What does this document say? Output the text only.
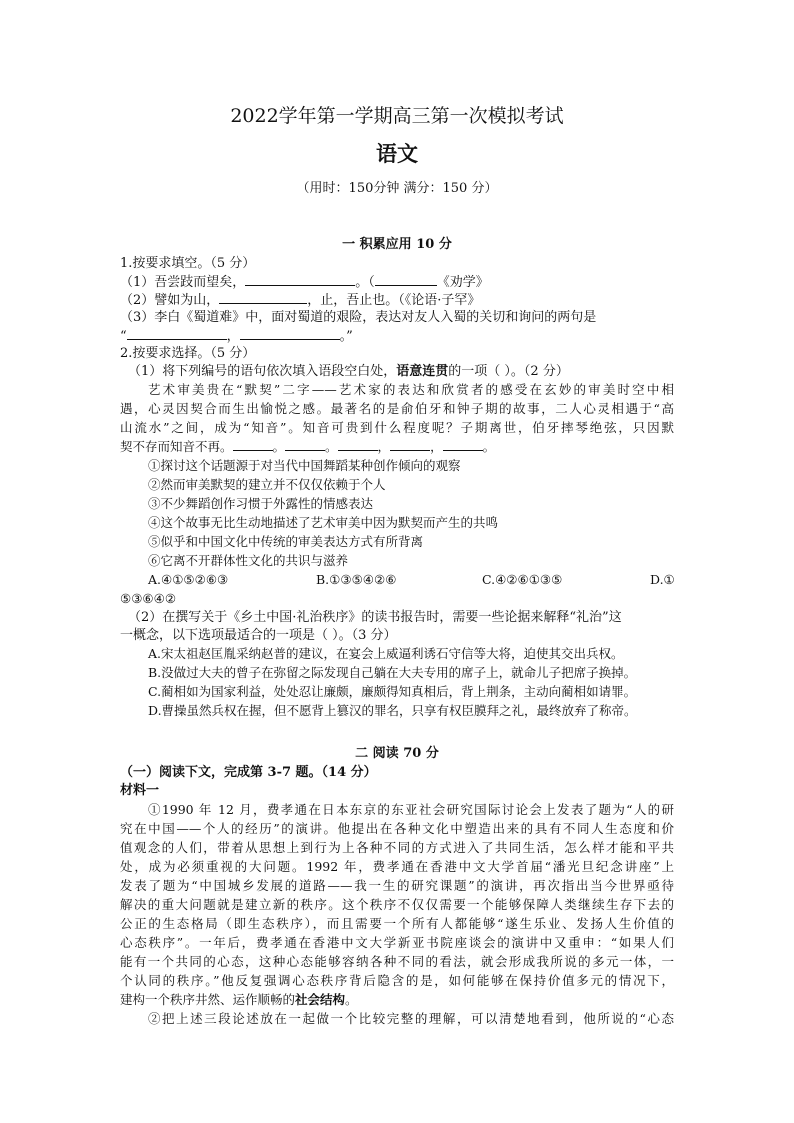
2022学年第一学期高三第一次模拟考试
语文
（用时：150分钟 满分：150 分）
一 积累应用 10 分
1.按要求填空。（5 分）
（1）吾尝跂而望矣，	。（	《劝学》
（2）譬如为山，	，止，吾止也。（《论语·子罕》
（3）李白《蜀道难》中，面对蜀道的艰险，表达对友人入蜀的关切和询问的两句是
“	，	。”
2.按要求选择。（5 分）
（1）将下列编号的语句依次填入语段空白处，语意连贯的一项（ ）。（2 分）
艺术审美贵在“默契”二字——艺术家的表达和欣赏者的感受在玄妙的审美时空中相
遇，心灵因契合而生出愉悦之感。最著名的是俞伯牙和钟子期的故事，二人心灵相遇于“高
山流水”之间，成为“知音”。知音可贵到什么程度呢？子期离世，伯牙摔琴绝弦，只因默
契不存而知音不再。	。	。	，	，	。
①探讨这个话题源于对当代中国舞蹈某种创作倾向的观察
②然而审美默契的建立并不仅仅依赖于个人
③不少舞蹈创作习惯于外露性的情感表达
④这个故事无比生动地描述了艺术审美中因为默契而产生的共鸣
⑤似乎和中国文化中传统的审美表达方式有所背离
⑥它离不开群体性文化的共识与滋养
A.④①⑤②⑥③	B.①③⑤④②⑥	C.④②⑥①③⑤	D.①
⑤③⑥④②
（2）在撰写关于《乡土中国·礼治秩序》的读书报告时，需要一些论据来解释“礼治”这
一概念，以下选项最适合的一项是（ ）。（3 分）
A.宋太祖赵匡胤采纳赵普的建议，在宴会上威逼利诱石守信等大将，迫使其交出兵权。
B.没做过大夫的曾子在弥留之际发现自己躺在大夫专用的席子上，就命儿子把席子换掉。
C.蔺相如为国家利益，处处忍让廉颇，廉颇得知真相后，背上荆条，主动向蔺相如请罪。
D.曹操虽然兵权在握，但不愿背上篡汉的罪名，只享有权臣膜拜之礼，最终放弃了称帝。
二 阅读 70 分
（一）阅读下文，完成第 3-7 题。（14 分）
材料一
①1990 年 12 月，费孝通在日本东京的东亚社会研究国际讨论会上发表了题为“人的研
究在中国——个人的经历”的演讲。他提出在各种文化中塑造出来的具有不同人生态度和价
值观念的人们，带着从思想上到行为上各种不同的方式进入了共同生活，怎么样才能和平共
处，成为必须重视的大问题。1992 年，费孝通在香港中文大学首届“潘光旦纪念讲座”上
发表了题为“中国城乡发展的道路——我一生的研究课题”的演讲，再次指出当今世界亟待
解决的重大问题就是建立新的秩序。这个秩序不仅仅需要一个能够保障人类继续生存下去的
公正的生态格局（即生态秩序），而且需要一个所有人都能够“遂生乐业、发扬人生价值的
心态秩序”。一年后，费孝通在香港中文大学新亚书院座谈会的演讲中又重申：“如果人们
能有一个共同的心态，这种心态能够容纳各种不同的看法，就会形成我所说的多元一体，一
个认同的秩序。”他反复强调心态秩序背后隐含的是，如何能够在保持价值多元的情况下，
建构一个秩序井然、运作顺畅的社会结构。
②把上述三段论述放在一起做一个比较完整的理解，可以清楚地看到，他所说的“心态
